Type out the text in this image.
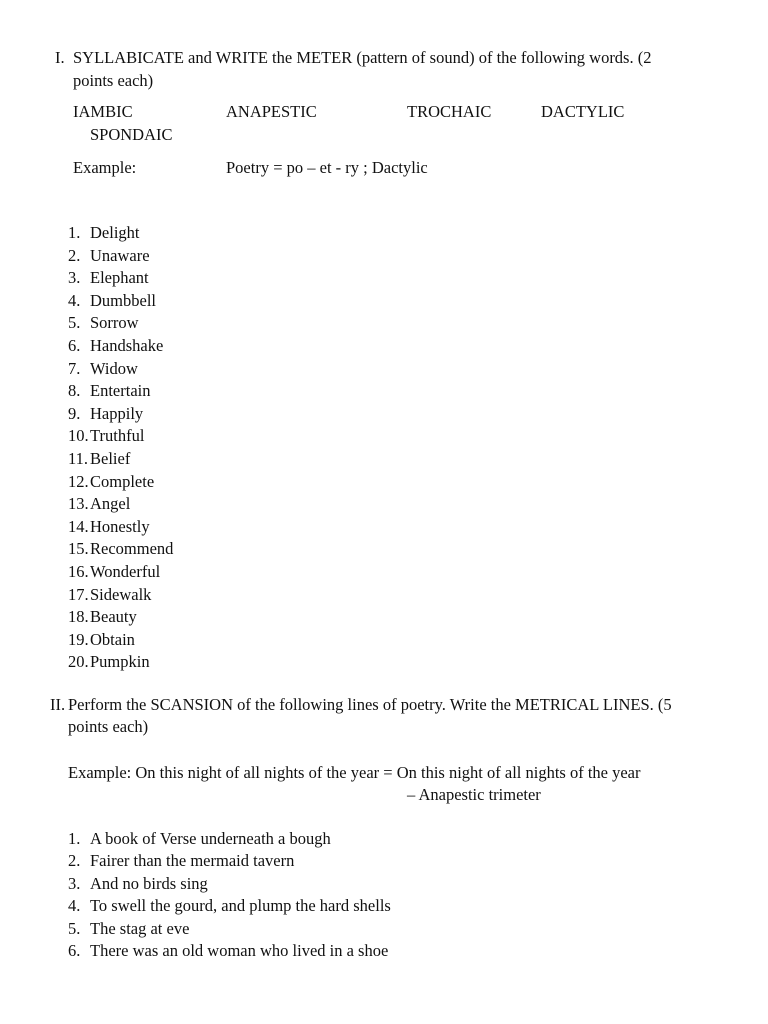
I. SYLLABICATE and WRITE the METER (pattern of sound) of the following words. (2
points each)
IAMBIC	ANAPESTIC	TROCHAIC	DACTYLIC
SPONDAIC
Example:	Poetry = po – et - ry ; Dactylic
1. Delight
2. Unaware
3. Elephant
4. Dumbbell
5. Sorrow
6. Handshake
7. Widow
8. Entertain
9. Happily
10. Truthful
11. Belief
12. Complete
13. Angel
14. Honestly
15. Recommend
16. Wonderful
17. Sidewalk
18. Beauty
19. Obtain
20. Pumpkin
II. Perform the SCANSION of the following lines of poetry. Write the METRICAL LINES. (5
points each)
Example: On this night of all nights of the year = On this night of all nights of the year
– Anapestic trimeter
1. A book of Verse underneath a bough
2. Fairer than the mermaid tavern
3. And no birds sing
4. To swell the gourd, and plump the hard shells
5. The stag at eve
6. There was an old woman who lived in a shoe
